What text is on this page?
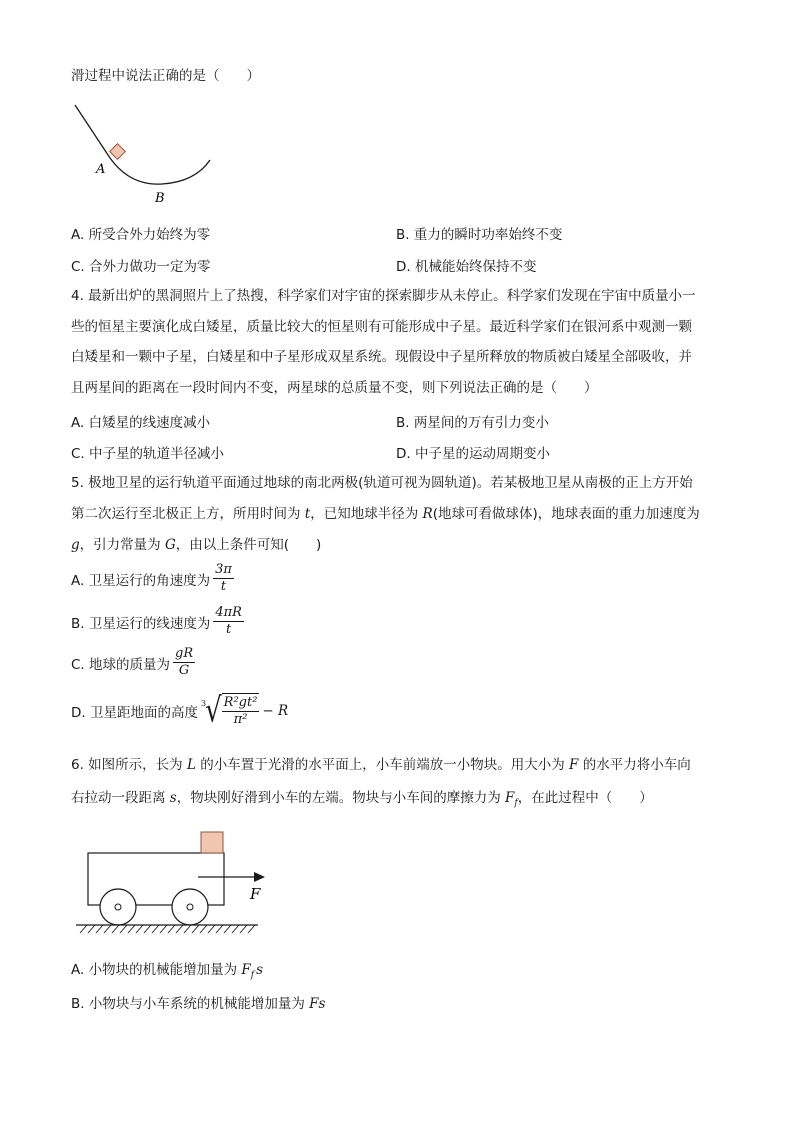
滑过程中说法正确的是（　　）
A
B
A. 所受合外力始终为零	B. 重力的瞬时功率始终不变
C. 合外力做功一定为零	D. 机械能始终保持不变
4. 最新出炉的黑洞照片上了热搜，科学家们对宇宙的探索脚步从未停止。科学家们发现在宇宙中质量小一
些的恒星主要演化成白矮星，质量比较大的恒星则有可能形成中子星。最近科学家们在银河系中观测一颗
白矮星和一颗中子星，白矮星和中子星形成双星系统。现假设中子星所释放的物质被白矮星全部吸收，并
且两星间的距离在一段时间内不变，两星球的总质量不变，则下列说法正确的是（　　）
A. 白矮星的线速度减小	B. 两星间的万有引力变小
C. 中子星的轨道半径减小	D. 中子星的运动周期变小
5. 极地卫星的运行轨道平面通过地球的南北两极(轨道可视为圆轨道)。若某极地卫星从南极的正上方开始
第二次运行至北极正上方，所用时间为 t，已知地球半径为 R(地球可看做球体)，地球表面的重力加速度为
g，引力常量为 G，由以上条件可知(　　)
A. 卫星运行的角速度为 $\frac{3\pi}{t}$
B. 卫星运行的线速度为 $\frac{4\pi R}{t}$
C. 地球的质量为 $\frac{gR}{G}$
D. 卫星距地面的高度
3 √ $\frac{\text{R²gt²}}{\text{π²}} - R$
6. 如图所示，长为 L 的小车置于光滑的水平面上，小车前端放一小物块。用大小为 F 的水平力将小车向
右拉动一段距离 s，物块刚好滑到小车的左端。物块与小车间的摩擦力为 $F_f$，在此过程中（　　）
F
A. 小物块的机械能增加量为 $F_f$ s
B. 小物块与小车系统的机械能增加量为 Fs
